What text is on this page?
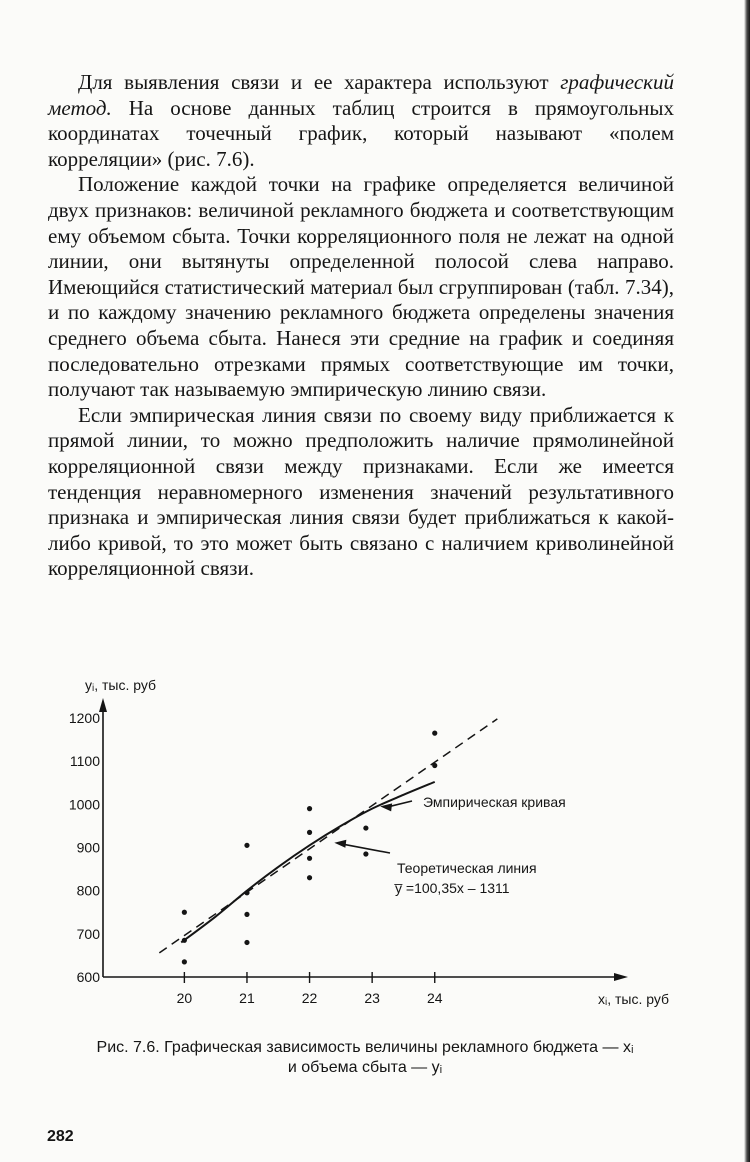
Для выявления связи и ее характера используют графический метод. На основе данных таблиц строится в прямоугольных координатах точечный график, который называют «полем корреляции» (рис. 7.6).

Положение каждой точки на графике определяется величиной двух признаков: величиной рекламного бюджета и соответствующим ему объемом сбыта. Точки корреляционного поля не лежат на одной линии, они вытянуты определенной полосой слева направо. Имеющийся статистический материал был сгруппирован (табл. 7.34), и по каждому значению рекламного бюджета определены значения среднего объема сбыта. Нанеся эти средние на график и соединяя последовательно отрезками прямых соответствующие им точки, получают так называемую эмпирическую линию связи.

Если эмпирическая линия связи по своему виду приближается к прямой линии, то можно предположить наличие прямолинейной корреляционной связи между признаками. Если же имеется тенденция неравномерного изменения значений результативного признака и эмпирическая линия связи будет приближаться к какой-либо кривой, то это может быть связано с наличием криволинейной корреляционной связи.

600
700
800
900
1000
1100
1200
20	21	22	23	24
yᵢ, тыс. руб
xᵢ, тыс. руб
Эмпирическая кривая
Теоретическая линия
y̅ =100,35x – 1311
Рис. 7.6. Графическая зависимость величины рекламного бюджета — xᵢ
и объема сбыта — yᵢ
282
